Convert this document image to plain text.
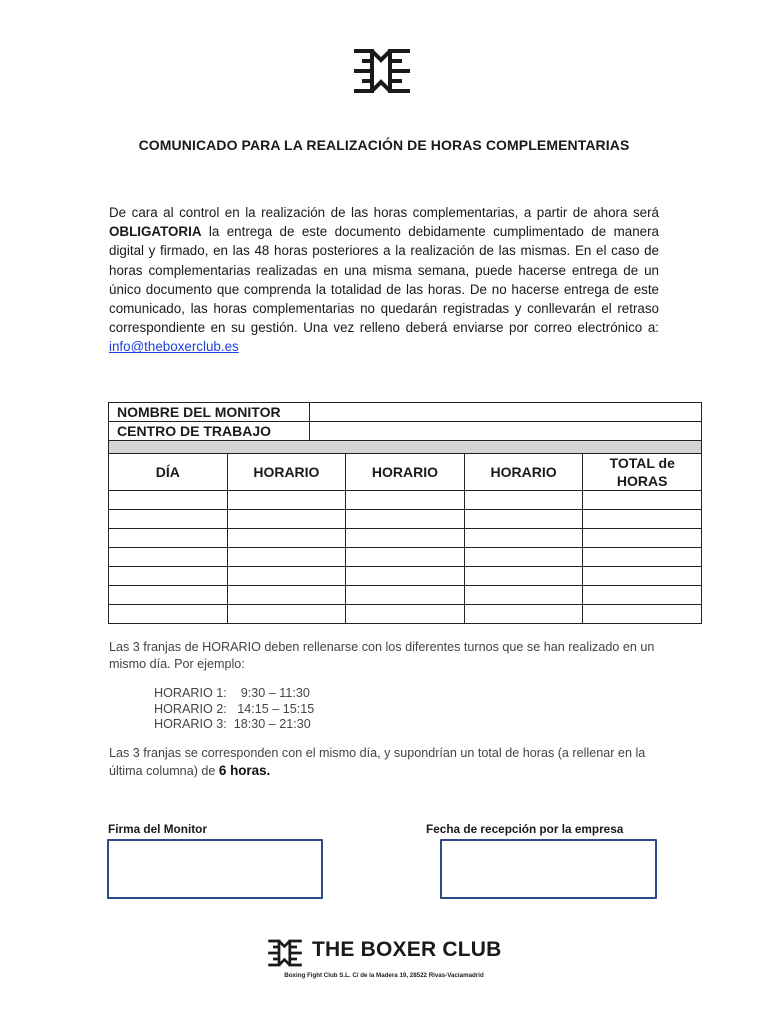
COMUNICADO PARA LA REALIZACIÓN DE HORAS COMPLEMENTARIAS
De cara al control en la realización de las horas complementarias, a partir de ahora será OBLIGATORIA la entrega de este documento debidamente cumplimentado de manera digital y firmado, en las 48 horas posteriores a la realización de las mismas. En el caso de horas complementarias realizadas en una misma semana, puede hacerse entrega de un único documento que comprenda la totalidad de las horas. De no hacerse entrega de este comunicado, las horas complementarias no quedarán registradas y conllevarán el retraso correspondiente en su gestión. Una vez relleno deberá enviarse por correo electrónico a: info@theboxerclub.es
NOMBRE DEL MONITOR	
CENTRO DE TRABAJO	

DÍA	HORARIO	HORARIO	HORARIO	TOTAL de HORAS

Las 3 franjas de HORARIO deben rellenarse con los diferentes turnos que se han realizado en un mismo día. Por ejemplo:
HORARIO 1:    9:30 – 11:30
HORARIO 2:   14:15 – 15:15
HORARIO 3:  18:30 – 21:30
Las 3 franjas se corresponden con el mismo día, y supondrían un total de horas (a rellenar en la última columna) de 6 horas.
Firma del Monitor	Fecha de recepción por la empresa
THE BOXER CLUB
Boxing Fight Club S.L. C/ de la Madera 19, 28522 Rivas-Vaciamadrid
